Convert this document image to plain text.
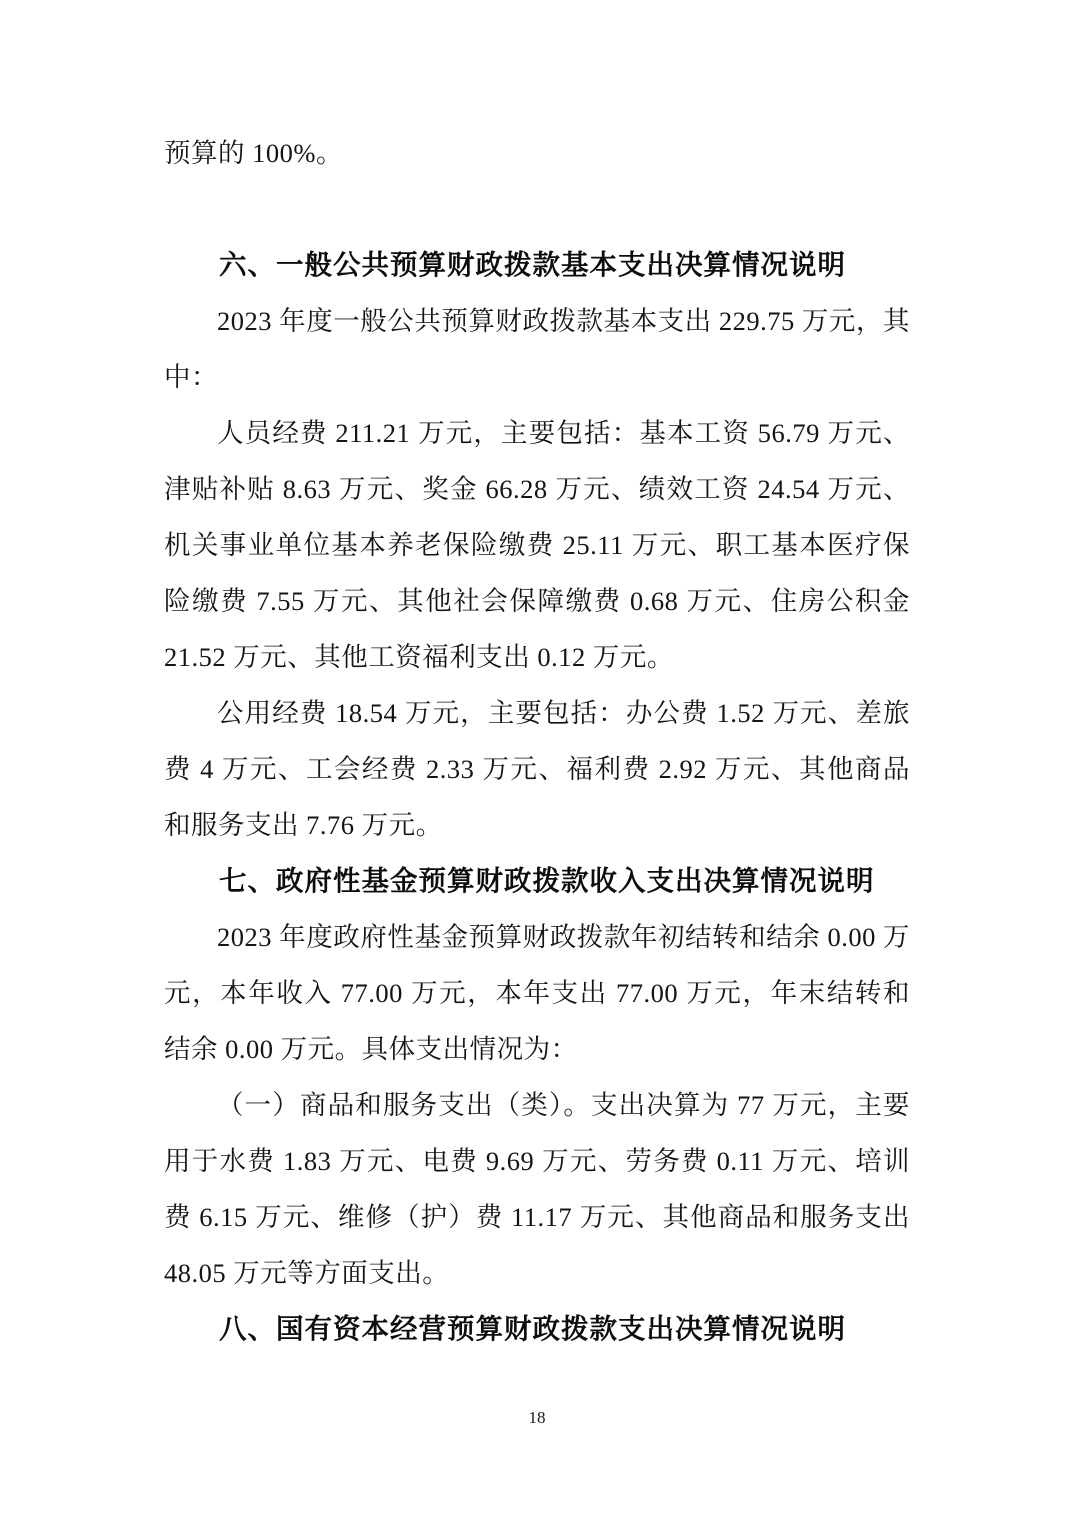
预算的 100%。

六、一般公共预算财政拨款基本支出决算情况说明

2023 年度一般公共预算财政拨款基本支出 229.75 万元，其中：

人员经费 211.21 万元，主要包括：基本工资 56.79 万元、津贴补贴 8.63 万元、奖金 66.28 万元、绩效工资 24.54 万元、机关事业单位基本养老保险缴费 25.11 万元、职工基本医疗保险缴费 7.55 万元、其他社会保障缴费 0.68 万元、住房公积金 21.52 万元、其他工资福利支出 0.12 万元。

公用经费 18.54 万元，主要包括：办公费 1.52 万元、差旅费 4 万元、工会经费 2.33 万元、福利费 2.92 万元、其他商品和服务支出 7.76 万元。

七、政府性基金预算财政拨款收入支出决算情况说明

2023 年度政府性基金预算财政拨款年初结转和结余 0.00 万元，本年收入 77.00 万元，本年支出 77.00 万元，年末结转和结余 0.00 万元。具体支出情况为：

（一）商品和服务支出（类）。支出决算为 77 万元，主要用于水费 1.83 万元、电费 9.69 万元、劳务费 0.11 万元、培训费 6.15 万元、维修（护）费 11.17 万元、其他商品和服务支出 48.05 万元等方面支出。

八、国有资本经营预算财政拨款支出决算情况说明
18
